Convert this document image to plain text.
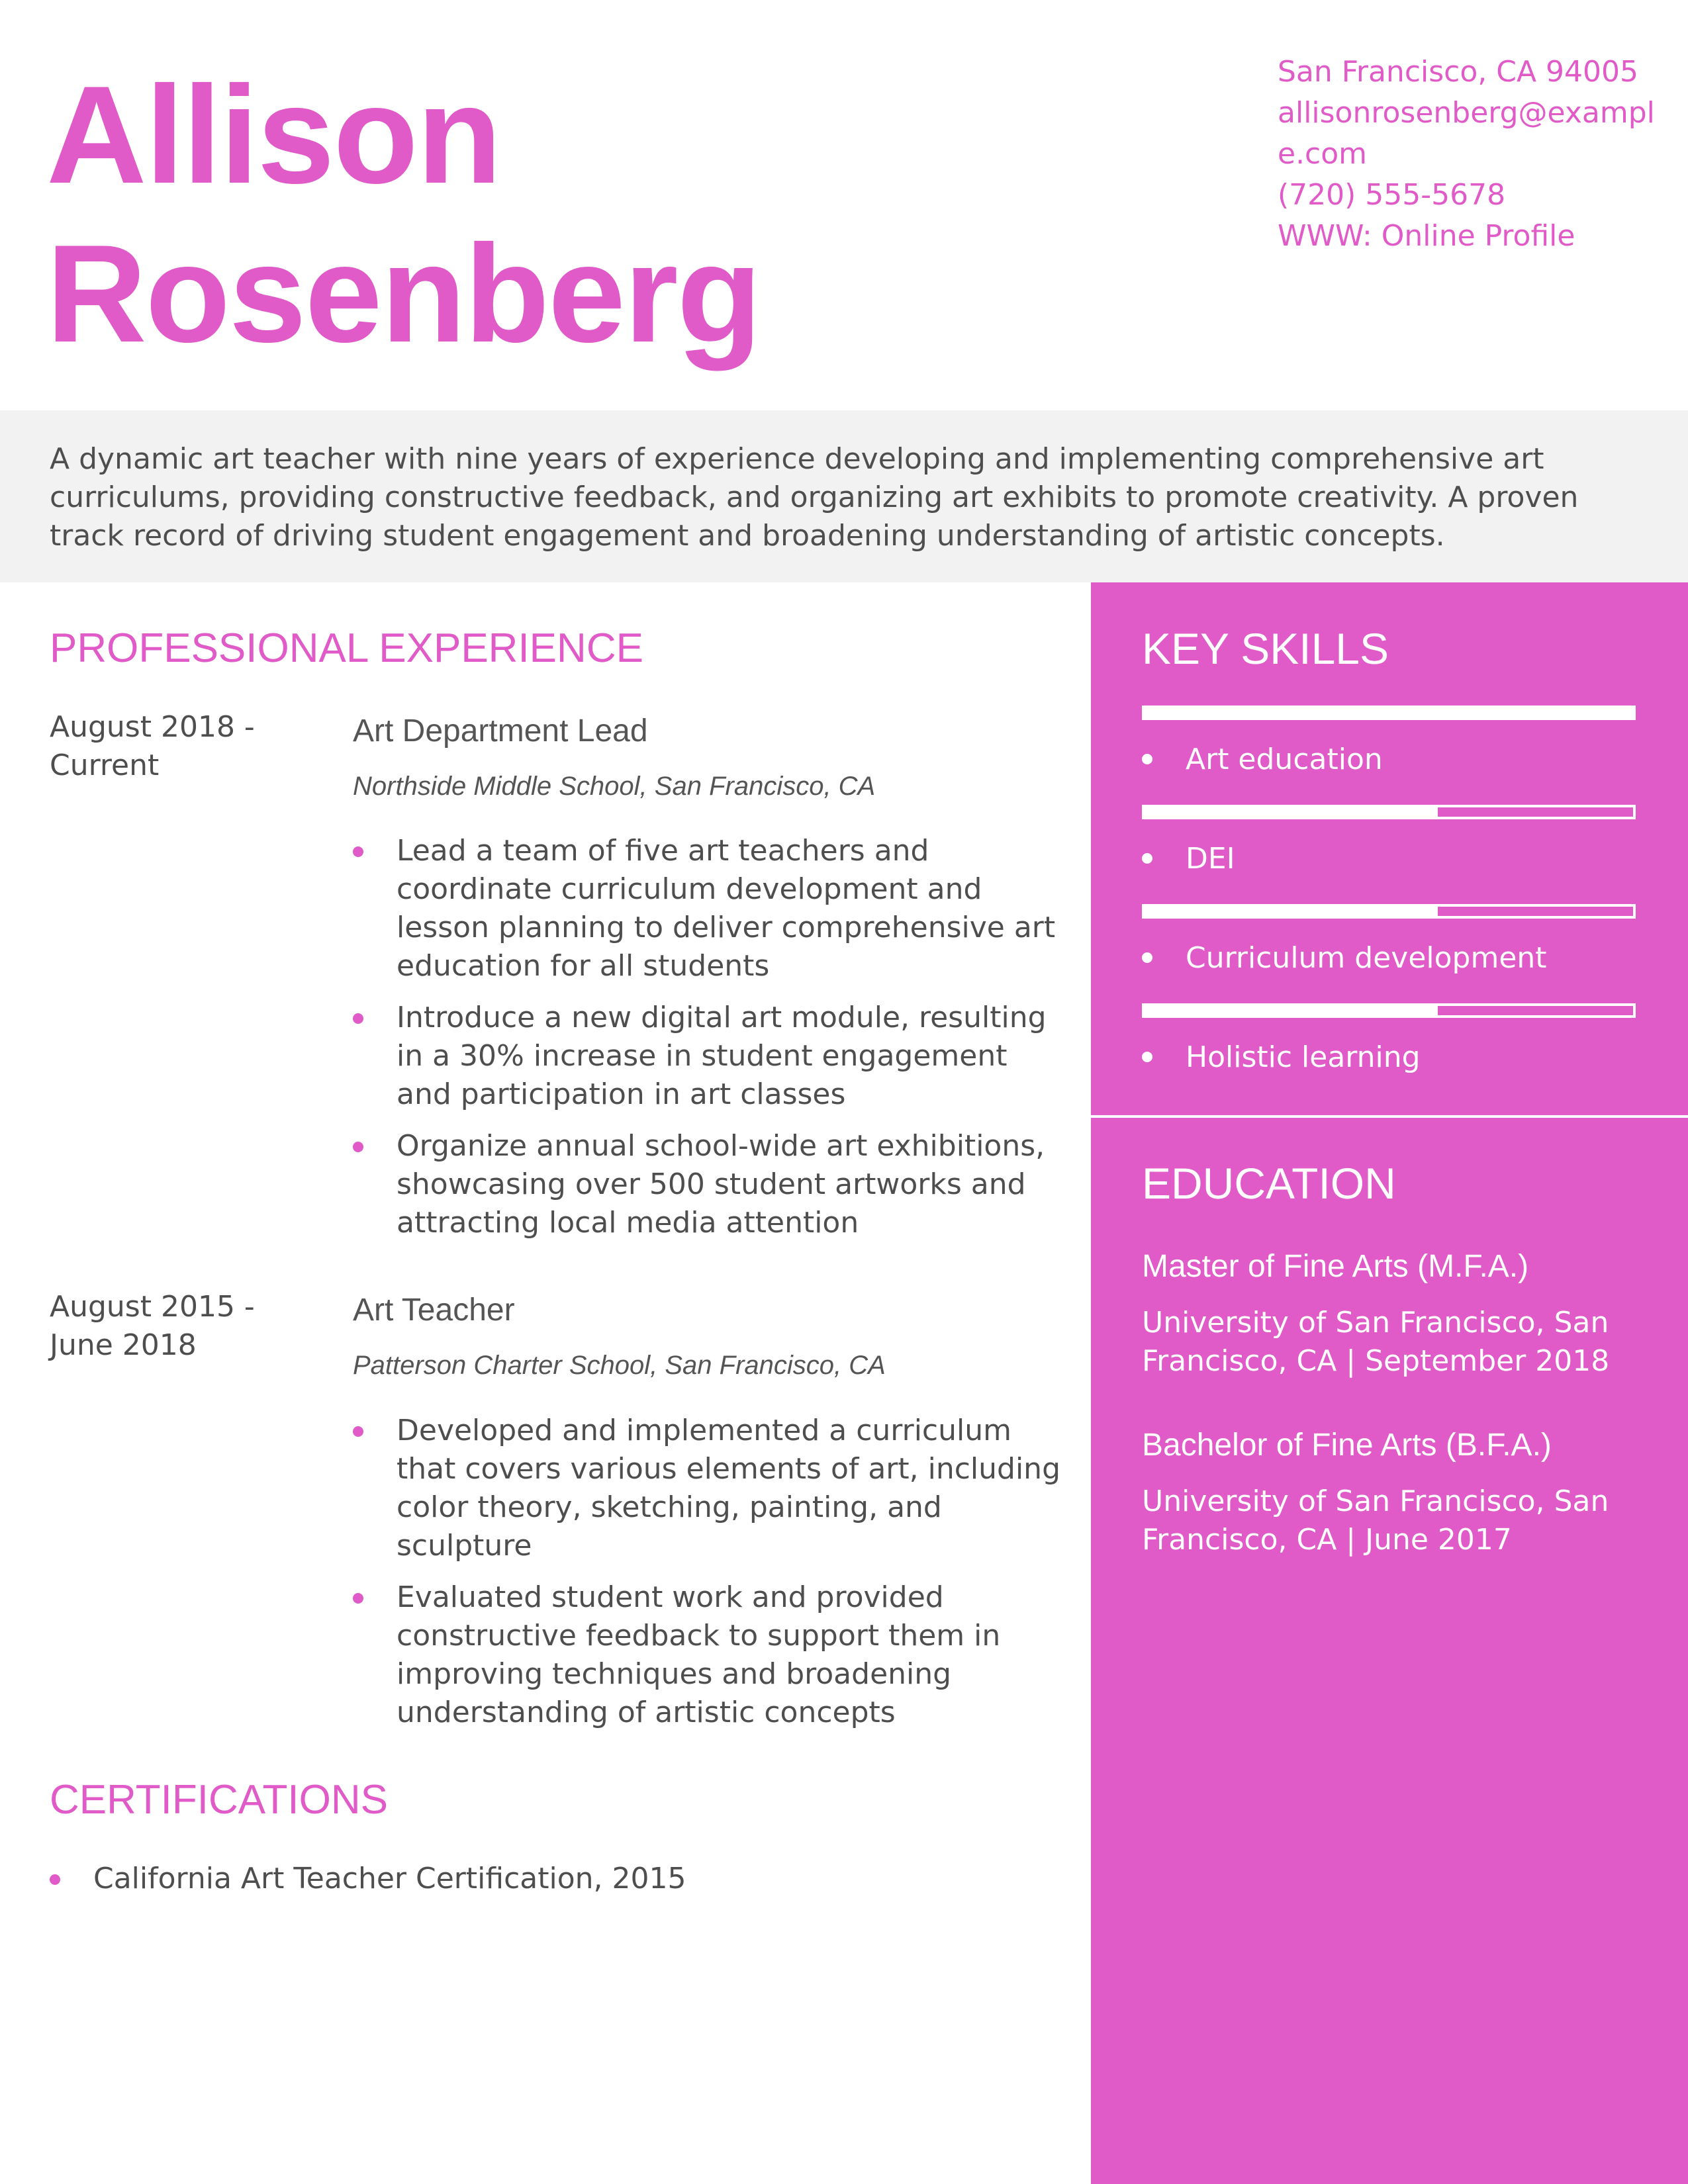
Allison
Rosenberg
San Francisco, CA 94005
allisonrosenberg@exampl
e.com
(720) 555-5678
WWW: Online Profile
A dynamic art teacher with nine years of experience developing and implementing comprehensive art curriculums, providing constructive feedback, and organizing art exhibits to promote creativity. A proven track record of driving student engagement and broadening understanding of artistic concepts.
PROFESSIONAL EXPERIENCE
August 2018 -
Current
Art Department Lead
Northside Middle School, San Francisco, CA
Lead a team of five art teachers and coordinate curriculum development and lesson planning to deliver comprehensive art education for all students
Introduce a new digital art module, resulting in a 30% increase in student engagement and participation in art classes
Organize annual school-wide art exhibitions, showcasing over 500 student artworks and attracting local media attention
August 2015 -
June 2018
Art Teacher
Patterson Charter School, San Francisco, CA
Developed and implemented a curriculum that covers various elements of art, including color theory, sketching, painting, and sculpture
Evaluated student work and provided constructive feedback to support them in improving techniques and broadening understanding of artistic concepts
CERTIFICATIONS
California Art Teacher Certification, 2015
KEY SKILLS
Art education
DEI
Curriculum development
Holistic learning
EDUCATION
Master of Fine Arts (M.F.A.)
University of San Francisco, San Francisco, CA | September 2018
Bachelor of Fine Arts (B.F.A.)
University of San Francisco, San Francisco, CA | June 2017
